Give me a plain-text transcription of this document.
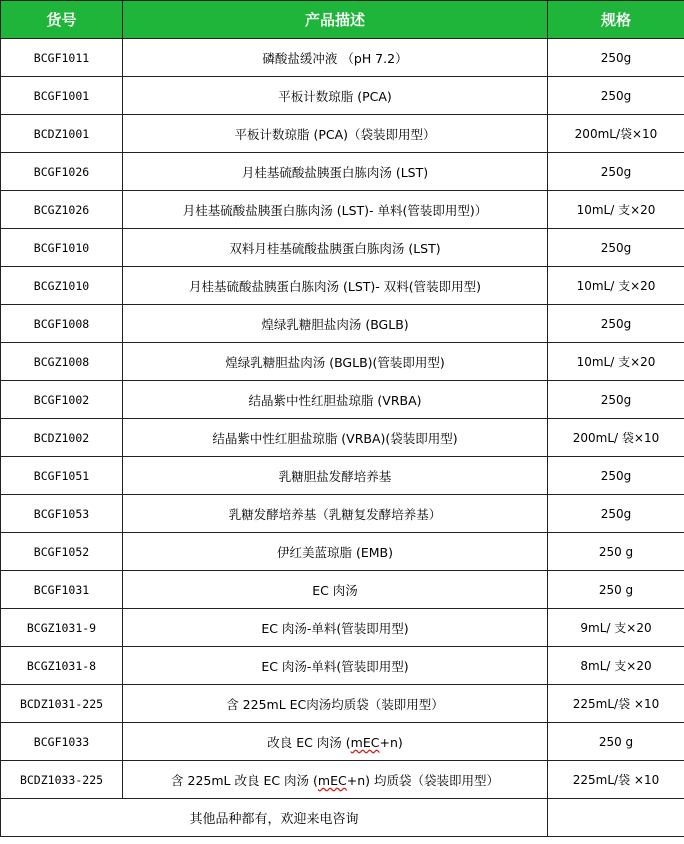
货号	产品描述	规格
BCGF1011	磷酸盐缓冲液 （pH 7.2）	250g
BCGF1001	平板计数琼脂 (PCA)	250g
BCDZ1001	平板计数琼脂 (PCA)（袋装即用型）	200mL/袋×10
BCGF1026	月桂基硫酸盐胰蛋白胨肉汤 (LST)	250g
BCGZ1026	月桂基硫酸盐胰蛋白胨肉汤 (LST)- 单料(管装即用型)）	10mL/ 支×20
BCGF1010	双料月桂基硫酸盐胰蛋白胨肉汤 (LST)	250g
BCGZ1010	月桂基硫酸盐胰蛋白胨肉汤 (LST)- 双料(管装即用型)	10mL/ 支×20
BCGF1008	煌绿乳糖胆盐肉汤 (BGLB)	250g
BCGZ1008	煌绿乳糖胆盐肉汤 (BGLB)(管装即用型)	10mL/ 支×20
BCGF1002	结晶紫中性红胆盐琼脂 (VRBA)	250g
BCDZ1002	结晶紫中性红胆盐琼脂 (VRBA)(袋装即用型)	200mL/ 袋×10
BCGF1051	乳糖胆盐发酵培养基	250g
BCGF1053	乳糖发酵培养基（乳糖复发酵培养基）	250g
BCGF1052	伊红美蓝琼脂 (EMB)	250 g
BCGF1031	EC 肉汤	250 g
BCGZ1031-9	EC 肉汤-单料(管装即用型)	9mL/ 支×20
BCGZ1031-8	EC 肉汤-单料(管装即用型)	8mL/ 支×20
BCDZ1031-225	含 225mL EC肉汤均质袋（装即用型）	225mL/袋 ×10
BCGF1033	改良 EC 肉汤 (mEC+n)	250 g
BCDZ1033-225	含 225mL 改良 EC 肉汤 (mEC+n) 均质袋（袋装即用型）	225mL/袋 ×10
其他品种都有，欢迎来电咨询		
